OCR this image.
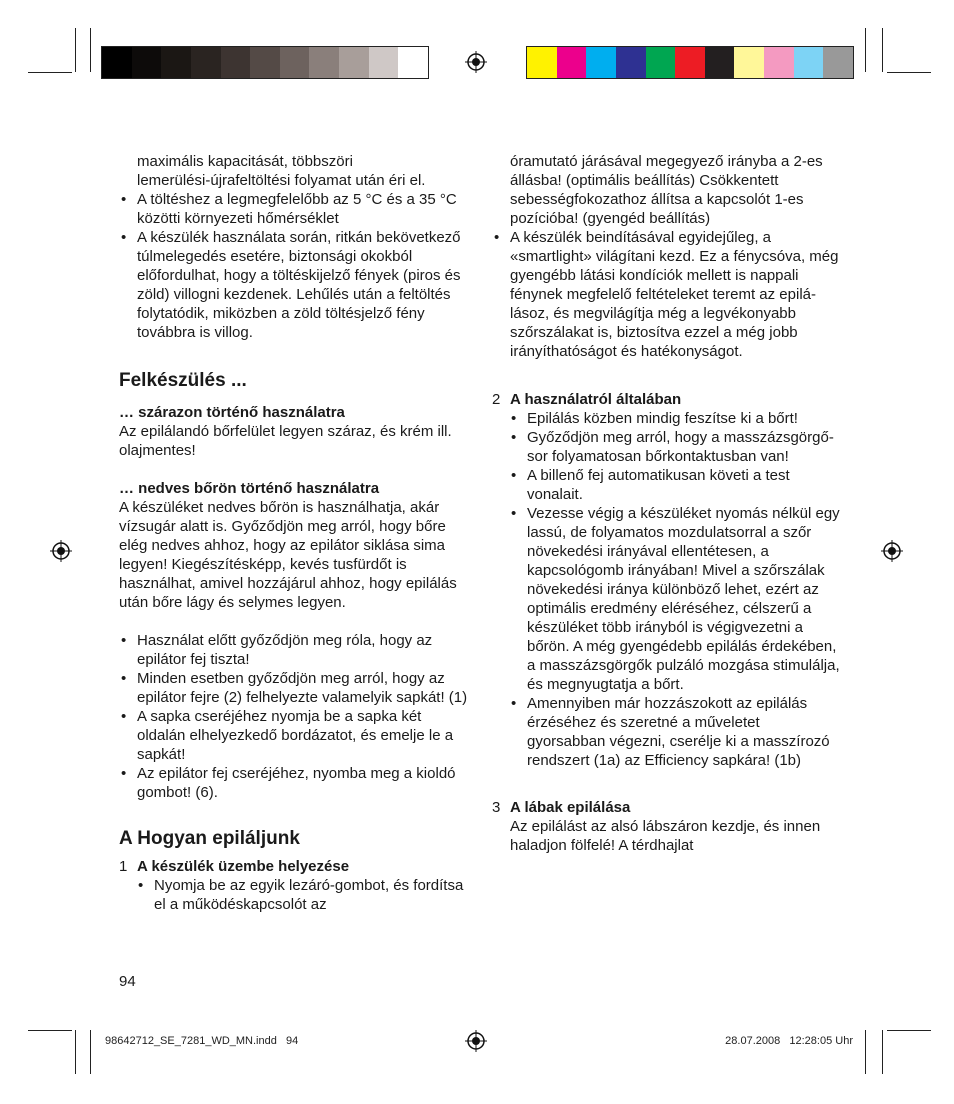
maximális kapacitását, többszöri

lemerülési-újrafeltöltési folyamat után éri el.

• A töltéshez a legmegfelelőbb az 5 °C és a 35 °C közötti környezeti hőmérséklet

• A készülék használata során, ritkán bekövetkező túlmelegedés esetére, biztonsági okokból előfordulhat, hogy a töltéskijelző fények (piros és zöld) villogni kezdenek. Lehűlés után a feltöltés folytatódik, miközben a zöld töltésjelző fény továbbra is villog.

Felkészülés ...

… szárazon történő használatra

Az epilálandó bőrfelület legyen száraz, és krém ill. olajmentes!

… nedves bőrön történő használatra

A készüléket nedves bőrön is használhatja, akár vízsugár alatt is. Győződjön meg arról, hogy bőre elég nedves ahhoz, hogy az epilátor siklása sima legyen! Kiegészítésképp, kevés tusfürdőt is használhat, amivel hozzájárul ahhoz, hogy epilálás után bőre lágy és selymes legyen.

• Használat előtt győződjön meg róla, hogy az epilátor fej tiszta!

• Minden esetben győződjön meg arról, hogy az epilátor fejre (2) felhelyezte valamelyik sapkát! (1)

• A sapka cseréjéhez nyomja be a sapka két oldalán elhelyezkedő bordázatot, és emelje le a sapkát!

• Az epilátor fej cseréjéhez, nyomba meg a kioldó gombot! (6).

A Hogyan epiláljunk

1 A készülék üzembe helyezése

• Nyomja be az egyik lezáró-gombot, és fordítsa el a működéskapcsolót az

óramutató járásával megegyező irányba a 2-es állásba! (optimális beállítás) Csökkentett sebességfokozathoz állítsa a kapcsolót 1-es pozícióba! (gyengéd beállítás)

• A készülék beindításával egyidejűleg, a «smartlight» világítani kezd. Ez a fénycsóva, még gyengébb látási kondíciók mellett is nappali fénynek megfelelő feltételeket teremt az epilálásoz, és megvilágítja még a legvékonyabb szőrszálakat is, biztosítva ezzel a még jobb irányíthatóságot és hatékonyságot.

2 A használatról általában

• Epilálás közben mindig feszítse ki a bőrt!

• Győződjön meg arról, hogy a masszázsgörgő-sor folyamatosan bőrkontaktusban van!

• A billenő fej automatikusan követi a test vonalait.

• Vezesse végig a készüléket nyomás nélkül egy lassú, de folyamatos mozdulatsorral a szőr növekedési irányával ellentétesen, a kapcsológomb irányában! Mivel a szőrszálak növekedési iránya különböző lehet, ezért az optimális eredmény eléréséhez, célszerű a készüléket több irányból is végigvezetni a bőrön. A még gyengédebb epilálás érdekében, a masszázsgörgők pulzáló mozgása stimulálja, és megnyugtatja a bőrt.

• Amennyiben már hozzászokott az epilálás érzéséhez és szeretné a műveletet gyorsabban végezni, cserélje ki a masszírozó rendszert (1a) az Efficiency sapkára! (1b)

3 A lábak epilálása

Az epilálást az alsó lábszáron kezdje, és innen haladjon fölfelé! A térdhajlat

94
98642712_SE_7281_WD_MN.indd   94	28.07.2008   12:28:05 Uhr
